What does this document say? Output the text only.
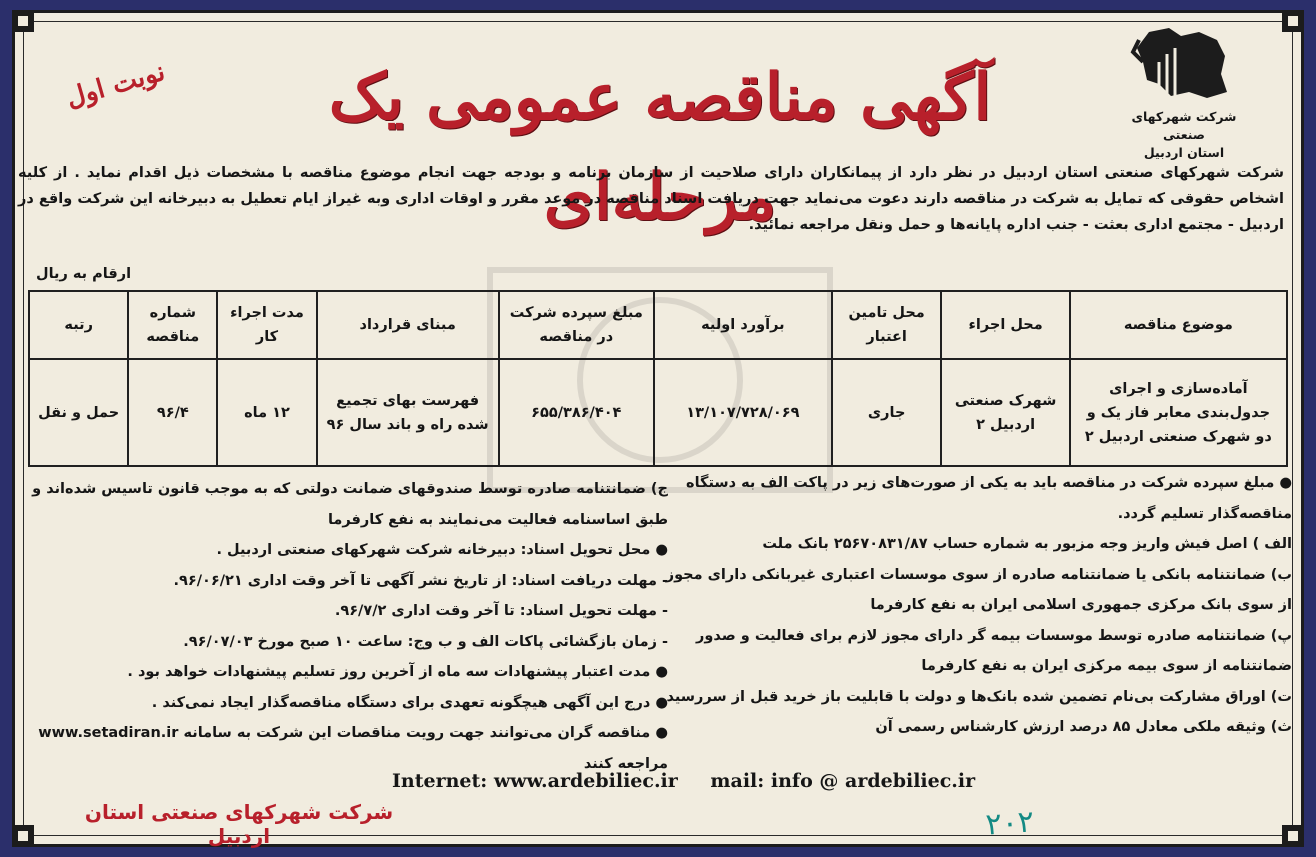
شرکت شهرکهای صنعتی
استان اردبیل
آگهی مناقصه عمومی یک مرحله‌ای
نوبت اول
شرکت شهرکهای صنعتی استان اردبیل در نظر دارد از پیمانکاران دارای صلاحیت از سازمان برنامه و بودجه جهت انجام موضوع مناقصه با مشخصات ذیل اقدام نماید . از کلیه اشخاص حقوقی که تمایل به شرکت در مناقصه دارند دعوت می‌نماید جهت دریافت اسناد مناقصه در موعد مقرر و اوقات اداری وبه غیراز ایام تعطیل به دبیرخانه این شرکت واقع در اردبیل - مجتمع اداری بعثت - جنب اداره پایانه‌ها و حمل ونقل مراجعه نمائید.
ارقام به ریال
موضوع مناقصه	محل اجراء	محل تامین اعتبار	برآورد اولیه	مبلغ سپرده شرکت در مناقصه	مبنای قرارداد	مدت اجراء کار	شماره مناقصه	رتبه
آماده‌سازی و اجرای جدول‌بندی معابر فاز یک و دو شهرک صنعتی اردبیل ۲	شهرک صنعتی اردبیل ۲	جاری	۱۳/۱۰۷/۷۲۸/۰۶۹	۶۵۵/۳۸۶/۴۰۴	فهرست بهای تجمیع شده راه و باند سال ۹۶	۱۲ ماه	۹۶/۴	حمل و نقل
● مبلغ سپرده شرکت در مناقصه باید به یکی از صورت‌های زیر در پاکت الف به دستگاه مناقصه‌گذار تسلیم گردد.
الف ) اصل فیش واریز وجه مزبور به شماره حساب ۲۵۶۷۰۸۳۱/۸۷ بانک ملت
ب) ضمانتنامه بانکی یا ضمانتنامه صادره از سوی موسسات اعتباری غیربانکی دارای مجوز از سوی بانک مرکزی جمهوری اسلامی ایران به نفع کارفرما
پ) ضمانتنامه صادره توسط موسسات بیمه گر دارای مجوز لازم برای فعالیت و صدور ضمانتنامه از سوی بیمه مرکزی ایران به نفع کارفرما
ت) اوراق مشارکت بی‌نام تضمین شده بانک‌ها و دولت با قابلیت باز خرید قبل از سررسید
ث) وثیقه ملکی معادل ۸۵ درصد ارزش کارشناس رسمی آن
ج) ضمانتنامه صادره توسط صندوقهای ضمانت دولتی که به موجب قانون تاسیس شده‌اند و طبق اساسنامه فعالیت می‌نمایند به نفع کارفرما
● محل تحویل اسناد: دبیرخانه شرکت شهرکهای صنعتی اردبیل .
- مهلت دریافت اسناد: از تاریخ نشر آگهی تا آخر وقت اداری ۹۶/۰۶/۲۱.
- مهلت تحویل اسناد: تا آخر وقت اداری ۹۶/۷/۲.
- زمان بازگشائی پاکات الف و ب وج: ساعت ۱۰ صبح مورخ ۹۶/۰۷/۰۳.
● مدت اعتبار پیشنهادات سه ماه از آخرین روز تسلیم پیشنهادات خواهد بود .
● درج این آگهی هیچگونه تعهدی برای دستگاه مناقصه‌گذار ایجاد نمی‌کند .
● مناقصه گران می‌توانند جهت رویت مناقصات این شرکت به سامانه www.setadiran.ir مراجعه کنند
Internet: www.ardebiliec.ir mail: info @ ardebiliec.ir
شرکت شهرکهای صنعتی استان اردبیل	۲۰۲
